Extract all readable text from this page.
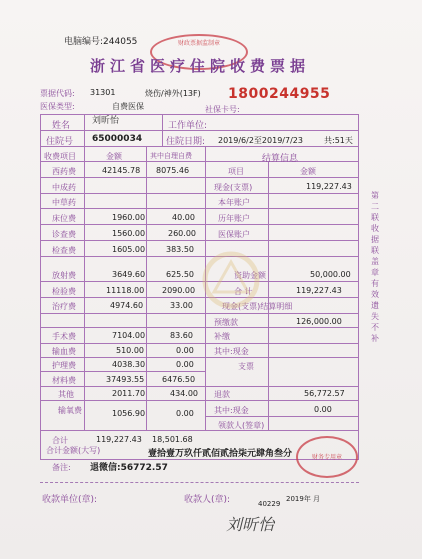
电脑编号:244055	财政票据监制章
浙江省医疗住院收费票据
票据代码: 31301	烧伤/神外(13F) 1800244955
医保类型:	自费医保	社保卡号:
姓名 刘昕怡	工作单位:
住院号 65000034	住院日期: 2019/6/2至2019/7/23	共:51天
收费项目	金额	其中自理自费	结算信息
西药费	42145.78 8075.46
中成药
中草药
床位费	1960.00	40.00
诊查费	1560.00	260.00
检查费	1605.00	383.50
放射费	3649.60	625.50
检验费	11118.00 2090.00
治疗费	4974.60	33.00
手术费	7104.00	83.60
输血费	510.00	0.00
护理费	4038.30	0.00
材料费	37493.55 6476.50
其他	2011.70	434.00
输氧费	1056.90	0.00
合计	119,227.43 18,501.68
项目	金额
现金(支票)	119,227.43
本年账户
历年账户
医保账户
资助金额	50,000.00
合 计	119,227.43
现金(支票)结算明细
预缴款	126,000.00
补缴
其中:现金
支票
退款	56,772.57
其中:现金	0.00
领款人(签章)
合计金额(大写)	壹拾壹万玖仟贰佰贰拾柒元肆角叁分
备注: 退微信:56772.57
财务专用章
收款单位(章):	收款人(章):	40229
2019年 月
刘昕怡
第二联 收据联 盖章有效 遗失不补
